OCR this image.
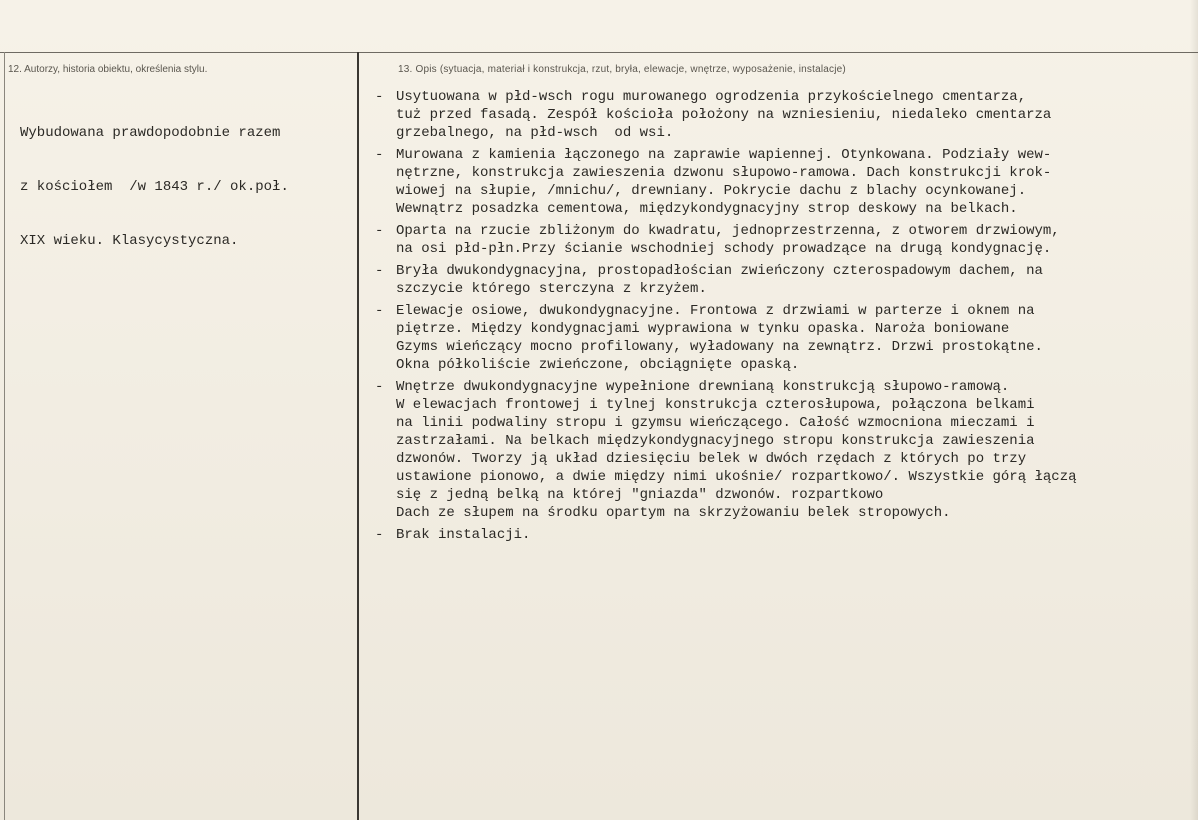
12. Autorzy, historia obiektu, określenia stylu.	13. Opis (sytuacja, materiał i konstrukcja, rzut, bryła, elewacje, wnętrze, wyposażenie, instalacje)

Wybudowana prawdopodobnie razem

z kościołem  /w 1843 r./ ok.poł.

XIX wieku. Klasycystyczna.

- Usytuowana w płd-wsch rogu murowanego ogrodzenia przykościelnego cmentarza,
tuż przed fasadą. Zespół kościoła położony na wzniesieniu, niedaleko cmentarza
grzebalnego, na płd-wsch  od wsi.
- Murowana z kamienia łączonego na zaprawie wapiennej. Otynkowana. Podziały wew-
nętrzne, konstrukcja zawieszenia dzwonu słupowo-ramowa. Dach konstrukcji krok-
wiowej na słupie, /mnichu/, drewniany. Pokrycie dachu z blachy ocynkowanej.
Wewnątrz posadzka cementowa, międzykondygnacyjny strop deskowy na belkach.
- Oparta na rzucie zbliżonym do kwadratu, jednoprzestrzenna, z otworem drzwiowym,
na osi płd-płn.Przy ścianie wschodniej schody prowadzące na drugą kondygnację.
- Bryła dwukondygnacyjna, prostopadłościan zwieńczony czterospadowym dachem, na
szczycie którego sterczyna z krzyżem.
- Elewacje osiowe, dwukondygnacyjne. Frontowa z drzwiami w parterze i oknem na
piętrze. Między kondygnacjami wyprawiona w tynku opaska. Naroża boniowane
Gzyms wieńczący mocno profilowany, wyładowany na zewnątrz. Drzwi prostokątne.
Okna półkoliście zwieńczone, obciągnięte opaską.
- Wnętrze dwukondygnacyjne wypełnione drewnianą konstrukcją słupowo-ramową.
W elewacjach frontowej i tylnej konstrukcja czterosłupowa, połączona belkami
na linii podwaliny stropu i gzymsu wieńczącego. Całość wzmocniona mieczami i
zastrzałami. Na belkach międzykondygnacyjnego stropu konstrukcja zawieszenia
dzwonów. Tworzy ją układ dziesięciu belek w dwóch rzędach z których po trzy
ustawione pionowo, a dwie między nimi ukośnie/ rozpartkowo/. Wszystkie górą łączą
się z jedną belką na której "gniazda" dzwonów. rozpartkowo
Dach ze słupem na środku opartym na skrzyżowaniu belek stropowych.
- Brak instalacji.
